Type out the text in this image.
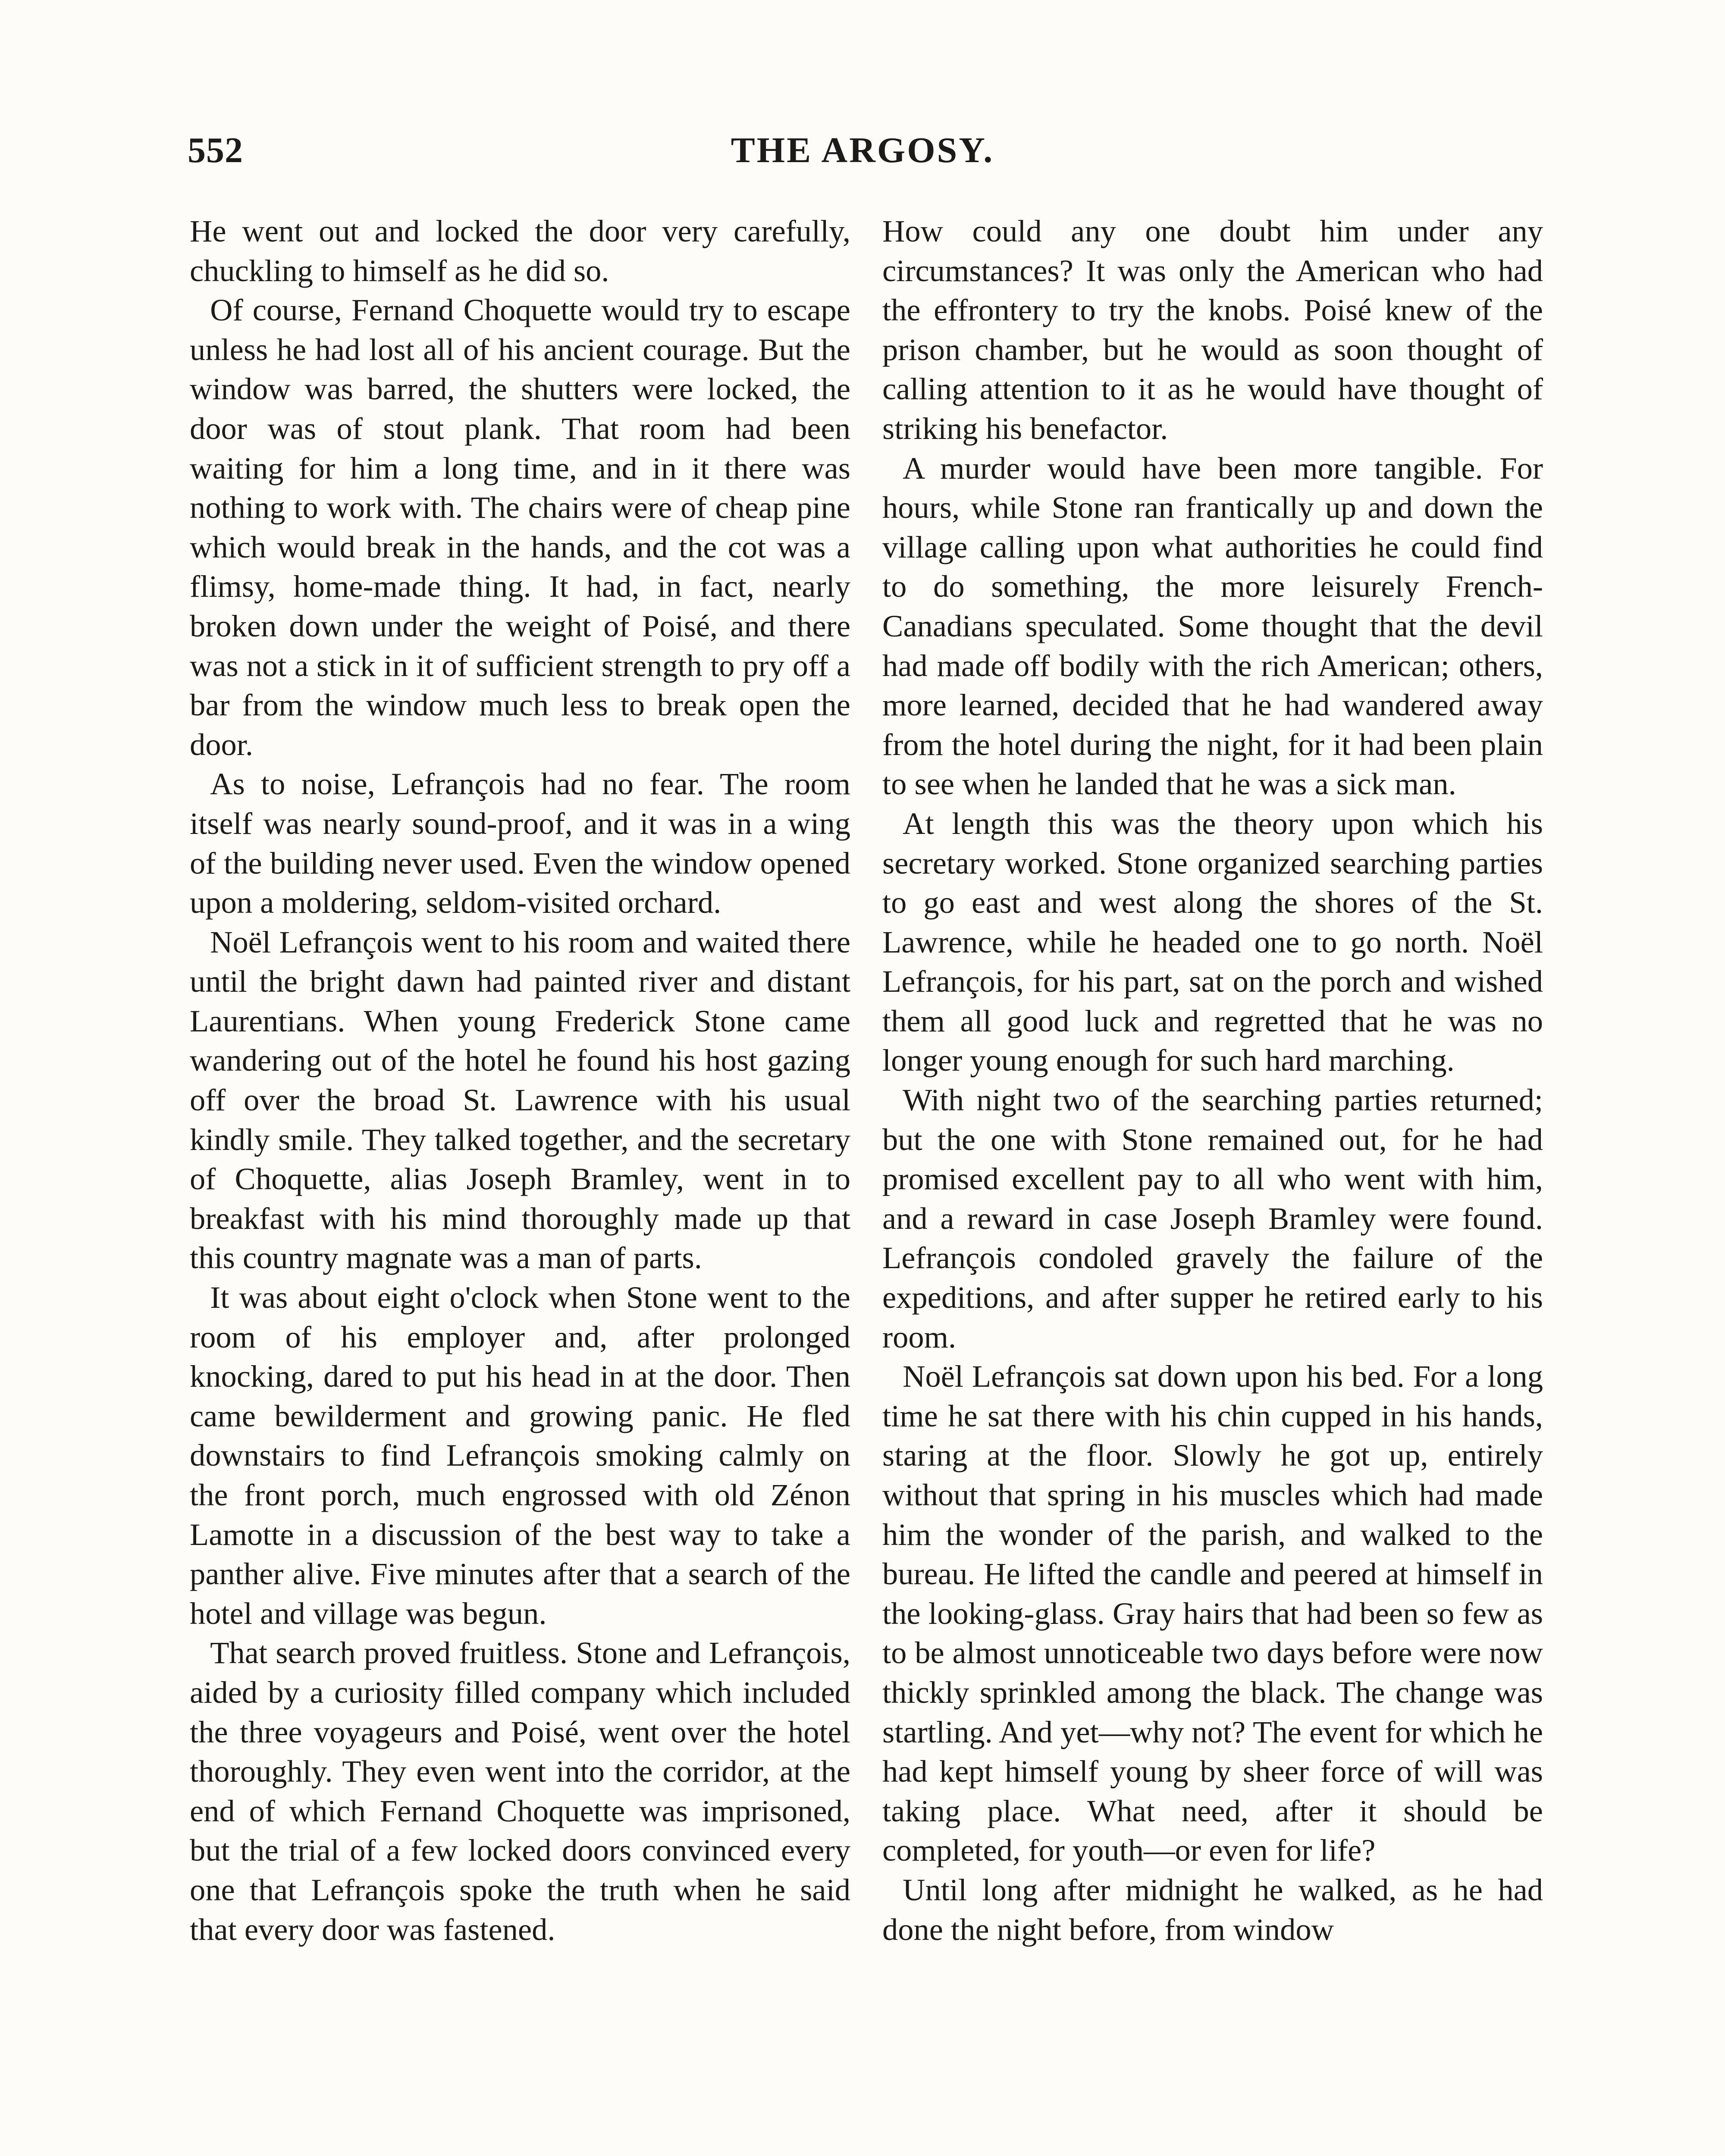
552	THE ARGOSY.

He went out and locked the door very carefully, chuckling to himself as he did so.

Of course, Fernand Choquette would try to escape unless he had lost all of his ancient courage. But the window was barred, the shutters were locked, the door was of stout plank. That room had been waiting for him a long time, and in it there was nothing to work with. The chairs were of cheap pine which would break in the hands, and the cot was a flimsy, home-made thing. It had, in fact, nearly broken down under the weight of Poisé, and there was not a stick in it of sufficient strength to pry off a bar from the window much less to break open the door.

As to noise, Lefrançois had no fear. The room itself was nearly sound-proof, and it was in a wing of the building never used. Even the window opened upon a moldering, seldom-visited orchard.

Noël Lefrançois went to his room and waited there until the bright dawn had painted river and distant Laurentians. When young Frederick Stone came wandering out of the hotel he found his host gazing off over the broad St. Lawrence with his usual kindly smile. They talked together, and the secretary of Choquette, alias Joseph Bramley, went in to breakfast with his mind thoroughly made up that this country magnate was a man of parts.

It was about eight o'clock when Stone went to the room of his employer and, after prolonged knocking, dared to put his head in at the door. Then came bewilderment and growing panic. He fled downstairs to find Lefrançois smoking calmly on the front porch, much engrossed with old Zénon Lamotte in a discussion of the best way to take a panther alive. Five minutes after that a search of the hotel and village was begun.

That search proved fruitless. Stone and Lefrançois, aided by a curiosity filled company which included the three voyageurs and Poisé, went over the hotel thoroughly. They even went into the corridor, at the end of which Fernand Choquette was imprisoned, but the trial of a few locked doors convinced every one that Lefrançois spoke the truth when he said that every door was fastened.

How could any one doubt him under any circumstances? It was only the American who had the effrontery to try the knobs. Poisé knew of the prison chamber, but he would as soon thought of calling attention to it as he would have thought of striking his benefactor.

A murder would have been more tangible. For hours, while Stone ran frantically up and down the village calling upon what authorities he could find to do something, the more leisurely French-Canadians speculated. Some thought that the devil had made off bodily with the rich American; others, more learned, decided that he had wandered away from the hotel during the night, for it had been plain to see when he landed that he was a sick man.

At length this was the theory upon which his secretary worked. Stone organized searching parties to go east and west along the shores of the St. Lawrence, while he headed one to go north. Noël Lefrançois, for his part, sat on the porch and wished them all good luck and regretted that he was no longer young enough for such hard marching.

With night two of the searching parties returned; but the one with Stone remained out, for he had promised excellent pay to all who went with him, and a reward in case Joseph Bramley were found. Lefrançois condoled gravely the failure of the expeditions, and after supper he retired early to his room.

Noël Lefrançois sat down upon his bed. For a long time he sat there with his chin cupped in his hands, staring at the floor. Slowly he got up, entirely without that spring in his muscles which had made him the wonder of the parish, and walked to the bureau. He lifted the candle and peered at himself in the looking-glass. Gray hairs that had been so few as to be almost unnoticeable two days before were now thickly sprinkled among the black. The change was startling. And yet—why not? The event for which he had kept himself young by sheer force of will was taking place. What need, after it should be completed, for youth—or even for life?

Until long after midnight he walked, as he had done the night before, from window
